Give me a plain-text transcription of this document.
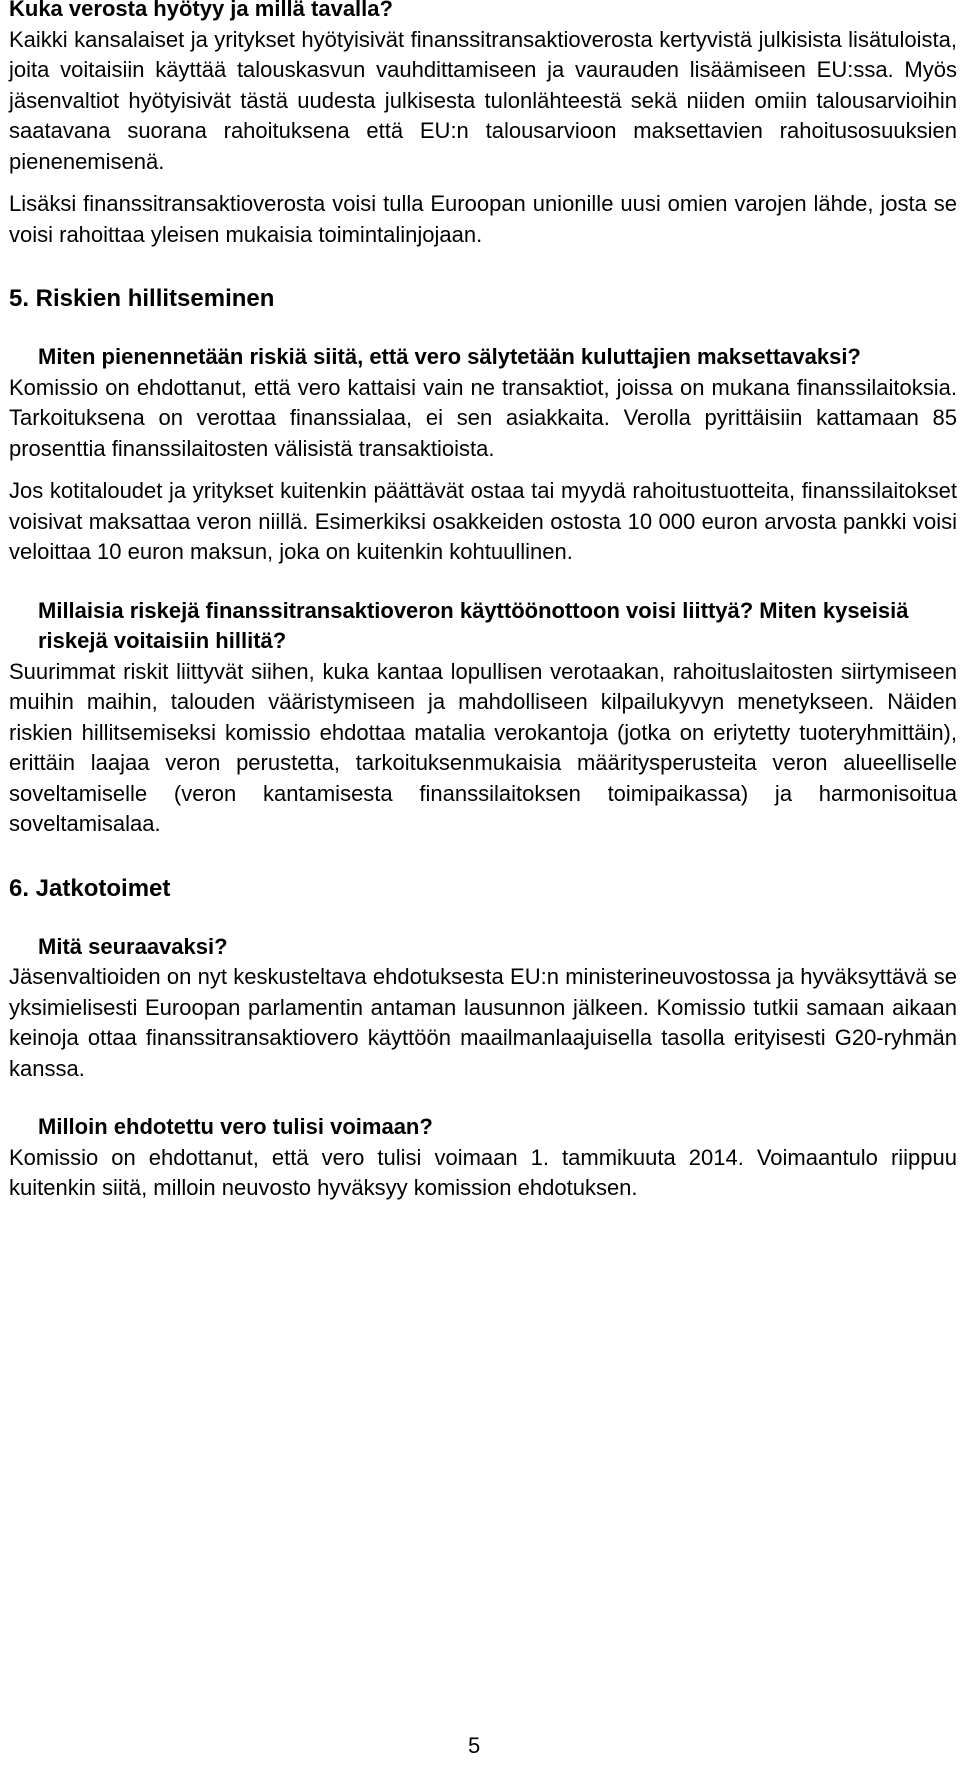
Kuka verosta hyötyy ja millä tavalla?

Kaikki kansalaiset ja yritykset hyötyisivät finanssitransaktioverosta kertyvistä julkisista lisätuloista, joita voitaisiin käyttää talouskasvun vauhdittamiseen ja vaurauden lisäämiseen EU:ssa. Myös jäsenvaltiot hyötyisivät tästä uudesta julkisesta tulonlähteestä sekä niiden omiin talousarvioihin saatavana suorana rahoituksena että EU:n talousarvioon maksettavien rahoitusosuuksien pienenemisenä.

Lisäksi finanssitransaktioverosta voisi tulla Euroopan unionille uusi omien varojen lähde, josta se voisi rahoittaa yleisen mukaisia toimintalinjojaan.

5. Riskien hillitseminen
Miten pienennetään riskiä siitä, että vero sälytetään kuluttajien maksettavaksi?

Komissio on ehdottanut, että vero kattaisi vain ne transaktiot, joissa on mukana finanssilaitoksia. Tarkoituksena on verottaa finanssialaa, ei sen asiakkaita. Verolla pyrittäisiin kattamaan 85 prosenttia finanssilaitosten välisistä transaktioista.

Jos kotitaloudet ja yritykset kuitenkin päättävät ostaa tai myydä rahoitustuotteita, finanssilaitokset voisivat maksattaa veron niillä. Esimerkiksi osakkeiden ostosta 10 000 euron arvosta pankki voisi veloittaa 10 euron maksun, joka on kuitenkin kohtuullinen.

Millaisia riskejä finanssitransaktioveron käyttöönottoon voisi liittyä? Miten kyseisiä riskejä voitaisiin hillitä?

Suurimmat riskit liittyvät siihen, kuka kantaa lopullisen verotaakan, rahoituslaitosten siirtymiseen muihin maihin, talouden vääristymiseen ja mahdolliseen kilpailukyvyn menetykseen. Näiden riskien hillitsemiseksi komissio ehdottaa matalia verokantoja (jotka on eriytetty tuoteryhmittäin), erittäin laajaa veron perustetta, tarkoituksenmukaisia määritysperusteita veron alueelliselle soveltamiselle (veron kantamisesta finanssilaitoksen toimipaikassa) ja harmonisoitua soveltamisalaa.

6. Jatkotoimet
Mitä seuraavaksi?

Jäsenvaltioiden on nyt keskusteltava ehdotuksesta EU:n ministerineuvostossa ja hyväksyttävä se yksimielisesti Euroopan parlamentin antaman lausunnon jälkeen. Komissio tutkii samaan aikaan keinoja ottaa finanssitransaktiovero käyttöön maailmanlaajuisella tasolla erityisesti G20-ryhmän kanssa.

Milloin ehdotettu vero tulisi voimaan?

Komissio on ehdottanut, että vero tulisi voimaan 1. tammikuuta 2014. Voimaantulo riippuu kuitenkin siitä, milloin neuvosto hyväksyy komission ehdotuksen.

5
